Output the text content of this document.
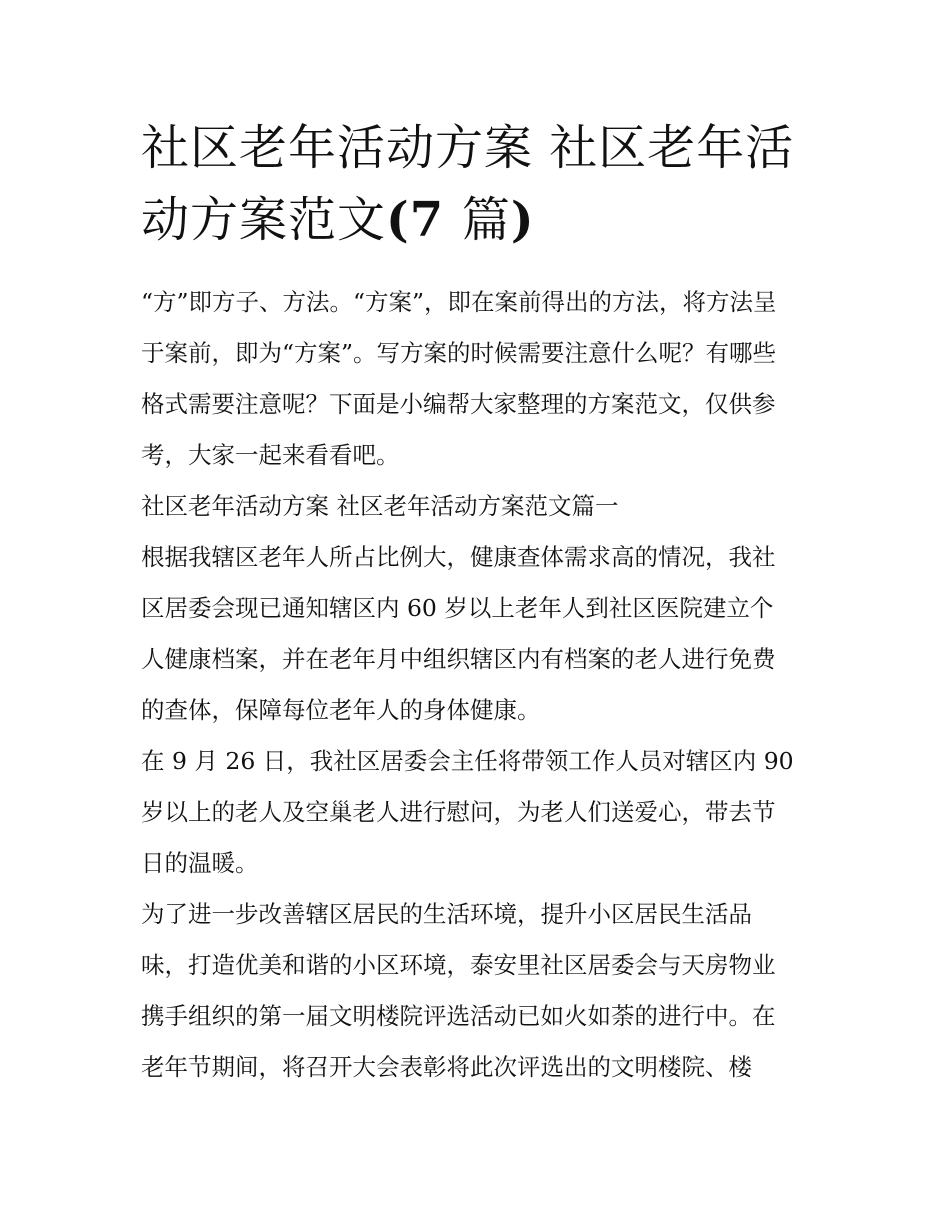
社区老年活动方案 社区老年活
动方案范文(7 篇)

“方”即方子、方法。“方案”，即在案前得出的方法，将方法呈
于案前，即为“方案”。写方案的时候需要注意什么呢？有哪些
格式需要注意呢？下面是小编帮大家整理的方案范文，仅供参
考，大家一起来看看吧。

社区老年活动方案 社区老年活动方案范文篇一

根据我辖区老年人所占比例大，健康查体需求高的情况，我社
区居委会现已通知辖区内 60 岁以上老年人到社区医院建立个
人健康档案，并在老年月中组织辖区内有档案的老人进行免费
的查体，保障每位老年人的身体健康。

在 9 月 26 日，我社区居委会主任将带领工作人员对辖区内 90
岁以上的老人及空巢老人进行慰问，为老人们送爱心，带去节
日的温暖。

为了进一步改善辖区居民的生活环境，提升小区居民生活品
味，打造优美和谐的小区环境，泰安里社区居委会与天房物业
携手组织的第一届文明楼院评选活动已如火如荼的进行中。在
老年节期间，将召开大会表彰将此次评选出的文明楼院、楼
